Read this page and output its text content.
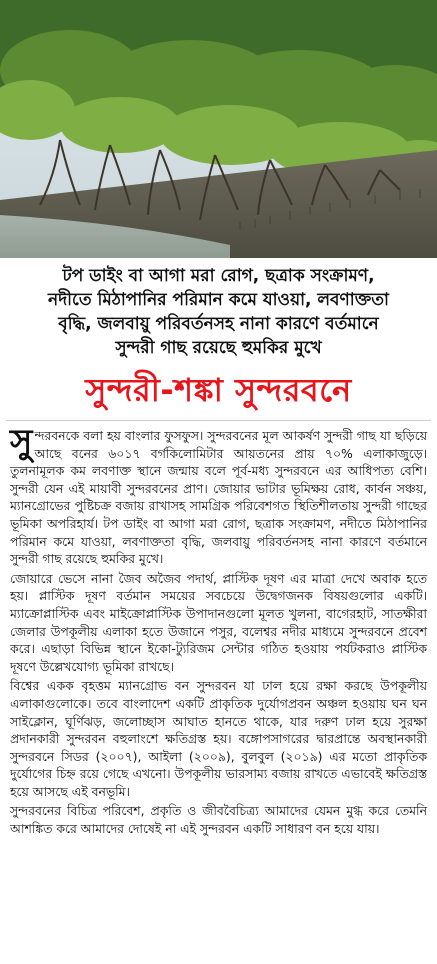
টপ ডাইং বা আগা মরা রোগ, ছত্রাক সংক্রামণ,
নদীতে মিঠাপানির পরিমান কমে যাওয়া, লবণাক্ততা
বৃদ্ধি, জলবায়ু পরিবর্তনসহ নানা কারণে বর্তমানে
সুন্দরী গাছ রয়েছে হুমকির মুখে
সুন্দরী-শঙ্কা সুন্দরবনে

সুন্দরবনকে বলা হয় বাংলার ফুসফুস। সুন্দরবনের মূল আকর্ষণ সুন্দরী গাছ যা ছড়িয়ে আছে বনের ৬০১৭ বর্গকিলোমিটার আয়তনের প্রায় ৭০% এলাকাজুড়ে। তুলনামূলক কম লবণাক্ত স্থানে জন্মায় বলে পূর্ব-মধ্য সুন্দরবনে এর আধিপত্য বেশি। সুন্দরী যেন এই মায়াবী সুন্দরবনের প্রাণ। জোয়ার ভাটার ভূমিক্ষয় রোধ, কার্বন সঞ্চয়, ম্যানগ্রোভের পুষ্টিচক্র বজায় রাখাসহ সামগ্রিক পরিবেশগত স্থিতিশীলতায় সুন্দরী গাছের ভূমিকা অপরিহার্য। টপ ডাইং বা আগা মরা রোগ, ছত্রাক সংক্রামণ, নদীতে মিঠাপানির পরিমান কমে যাওয়া, লবণাক্ততা বৃদ্ধি, জলবায়ু পরিবর্তনসহ নানা কারণে বর্তমানে সুন্দরী গাছ রয়েছে হুমকির মুখে।

জোয়ারে ভেসে নানা জৈব অজৈব পদার্থ, প্লাস্টিক দূষণ এর মাত্রা দেখে অবাক হতে হয়। প্লাস্টিক দূষণ বর্তমান সময়ের সবচেয়ে উদ্বেগজনক বিষয়গুলোর একটি। ম্যাক্রোপ্লাস্টিক এবং মাইক্রোপ্লাস্টিক উপাদানগুলো মূলত খুলনা, বাগেরহাট, সাতক্ষীরা জেলার উপকূলীয় এলাকা হতে উজানে পসুর, বলেশ্বর নদীর মাধ্যমে সুন্দরবনে প্রবেশ করে। এছাড়া বিভিন্ন স্থানে ইকো-ট্যুরিজম সেন্টার গঠিত হওয়ায় পর্যটকরাও প্লাস্টিক দূষণে উল্লেখযোগ্য ভূমিকা রাখছে।

বিশ্বের একক বৃহত্তম ম্যানগ্রোভ বন সুন্দরবন যা ঢাল হয়ে রক্ষা করছে উপকূলীয় এলাকাগুলোকে। তবে বাংলাদেশ একটি প্রাকৃতিক দুর্যোগপ্রবন অঞ্চল হওয়ায় ঘন ঘন সাইক্লোন, ঘূর্ণিঝড়, জলোচ্ছাস আঘাত হানতে থাকে, যার দরুণ ঢাল হয়ে সুরক্ষা প্রদানকারী সুন্দরবন বহুলাংশে ক্ষতিগ্রস্ত হয়। বঙ্গোপসাগরের দ্বারপ্রান্তে অবস্থানকারী সুন্দরবনে সিডর (২০০৭), আইলা (২০০৯), বুলবুল (২০১৯) এর মতো প্রাকৃতিক দুর্যোগের চিহ্ন রয়ে গেছে এখনো। উপকূলীয় ভারসাম্য বজায় রাখতে এভাবেই ক্ষতিগ্রস্ত হয়ে আসছে এই বনভূমি।

সুন্দরবনের বিচিত্র পরিবেশ, প্রকৃতি ও জীববৈচিত্র্য আমাদের যেমন মুগ্ধ করে তেমনি আশঙ্কিত করে আমাদের দোষেই না এই সুন্দরবন একটি সাধারণ বন হয়ে যায়।
